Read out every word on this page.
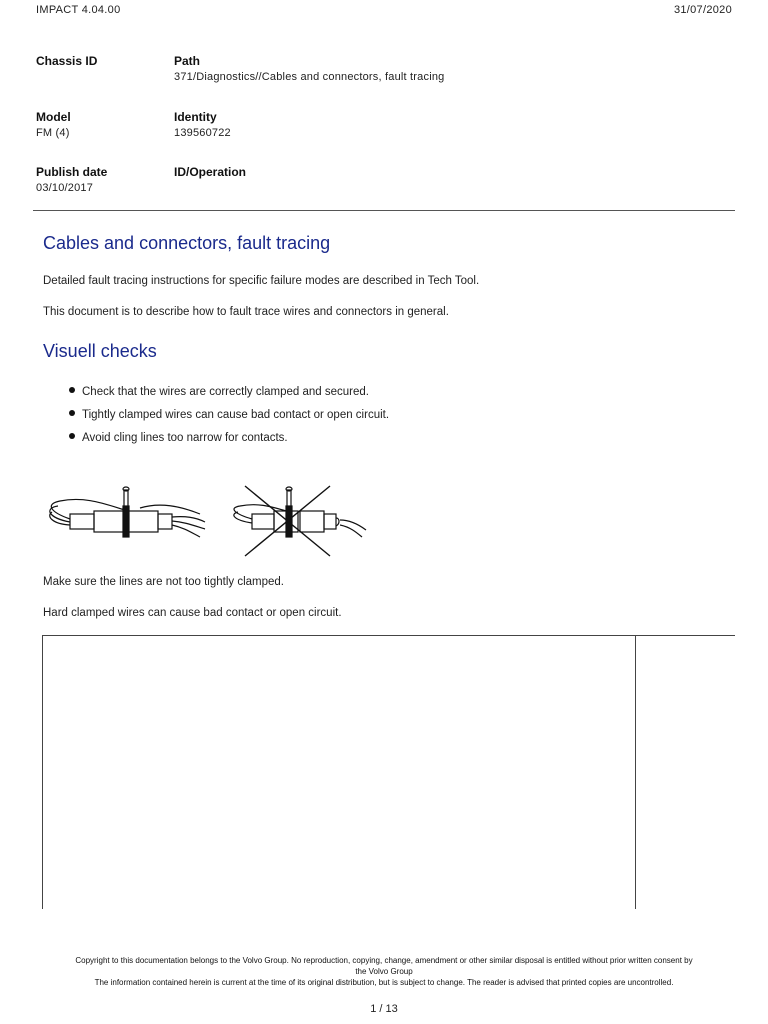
IMPACT 4.04.00	31/07/2020
Chassis ID	Path
371/Diagnostics//Cables and connectors, fault tracing
Model
FM (4)
Identity
139560722
Publish date
03/10/2017
ID/Operation
Cables and connectors, fault tracing
Detailed fault tracing instructions for specific failure modes are described in Tech Tool.
This document is to describe how to fault trace wires and connectors in general.
Visuell checks
Check that the wires are correctly clamped and secured.
Tightly clamped wires can cause bad contact or open circuit.
Avoid cling lines too narrow for contacts.
Make sure the lines are not too tightly clamped.
Hard clamped wires can cause bad contact or open circuit.
Copyright to this documentation belongs to the Volvo Group. No reproduction, copying, change, amendment or other similar disposal is entitled without prior written consent by
the Volvo Group
The information contained herein is current at the time of its original distribution, but is subject to change. The reader is advised that printed copies are uncontrolled.
1 / 13
